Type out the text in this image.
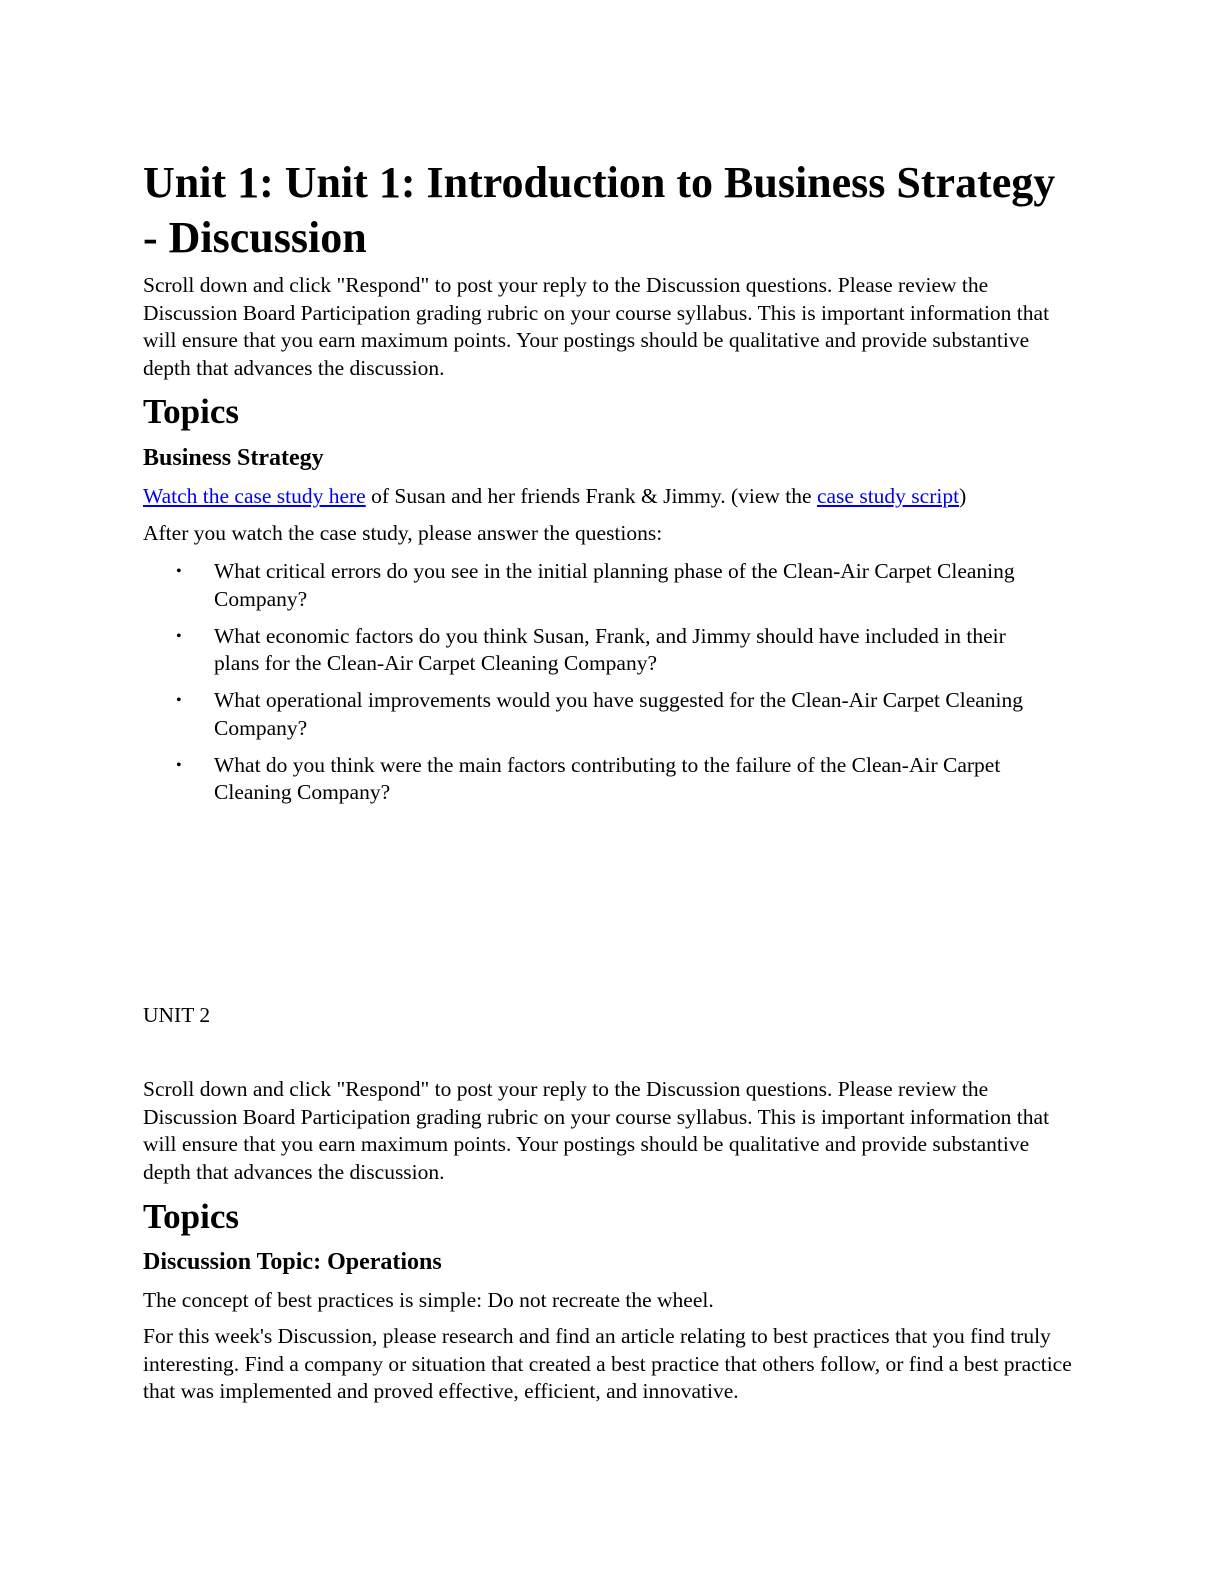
Unit 1: Unit 1: Introduction to Business Strategy - Discussion

Scroll down and click "Respond" to post your reply to the Discussion questions. Please review the Discussion Board Participation grading rubric on your course syllabus. This is important information that will ensure that you earn maximum points. Your postings should be qualitative and provide substantive depth that advances the discussion.

Topics
Business Strategy

Watch the case study here of Susan and her friends Frank & Jimmy. (view the case study script)

After you watch the case study, please answer the questions:

• What critical errors do you see in the initial planning phase of the Clean-Air Carpet Cleaning Company?
• What economic factors do you think Susan, Frank, and Jimmy should have included in their plans for the Clean-Air Carpet Cleaning Company?
• What operational improvements would you have suggested for the Clean-Air Carpet Cleaning Company?
• What do you think were the main factors contributing to the failure of the Clean-Air Carpet Cleaning Company?

UNIT 2

Scroll down and click "Respond" to post your reply to the Discussion questions. Please review the Discussion Board Participation grading rubric on your course syllabus. This is important information that will ensure that you earn maximum points. Your postings should be qualitative and provide substantive depth that advances the discussion.

Topics
Discussion Topic: Operations

The concept of best practices is simple: Do not recreate the wheel.

For this week's Discussion, please research and find an article relating to best practices that you find truly interesting. Find a company or situation that created a best practice that others follow, or find a best practice that was implemented and proved effective, efficient, and innovative.
